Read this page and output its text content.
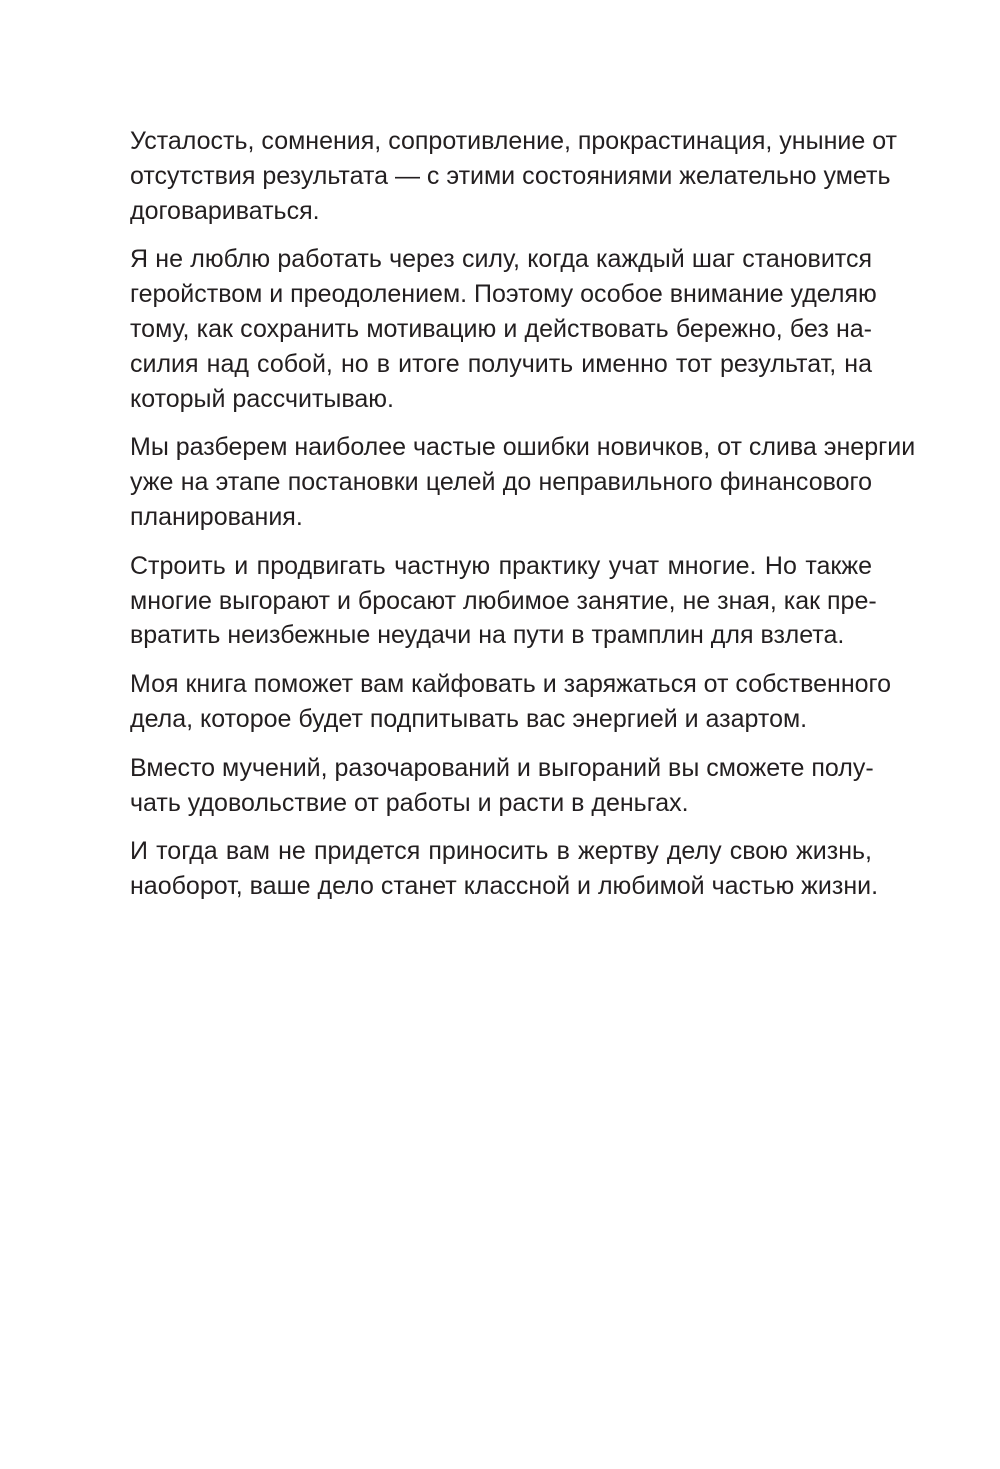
Усталость, сомнения, сопротивление, прокрастинация, уныние от
отсутствия результата — с этими состояниями желательно уметь
договариваться.

Я не люблю работать через силу, когда каждый шаг становится
геройством и преодолением. Поэтому особое внимание уделяю
тому, как сохранить мотивацию и действовать бережно, без на-
силия над собой, но в итоге получить именно тот результат, на
который рассчитываю.

Мы разберем наиболее частые ошибки новичков, от слива энергии
уже на этапе постановки целей до неправильного финансового
планирования.

Строить и продвигать частную практику учат многие. Но также
многие выгорают и бросают любимое занятие, не зная, как пре-
вратить неизбежные неудачи на пути в трамплин для взлета.

Моя книга поможет вам кайфовать и заряжаться от собственного
дела, которое будет подпитывать вас энергией и азартом.

Вместо мучений, разочарований и выгораний вы сможете полу-
чать удовольствие от работы и расти в деньгах.

И тогда вам не придется приносить в жертву делу свою жизнь,
наоборот, ваше дело станет классной и любимой частью жизни.
